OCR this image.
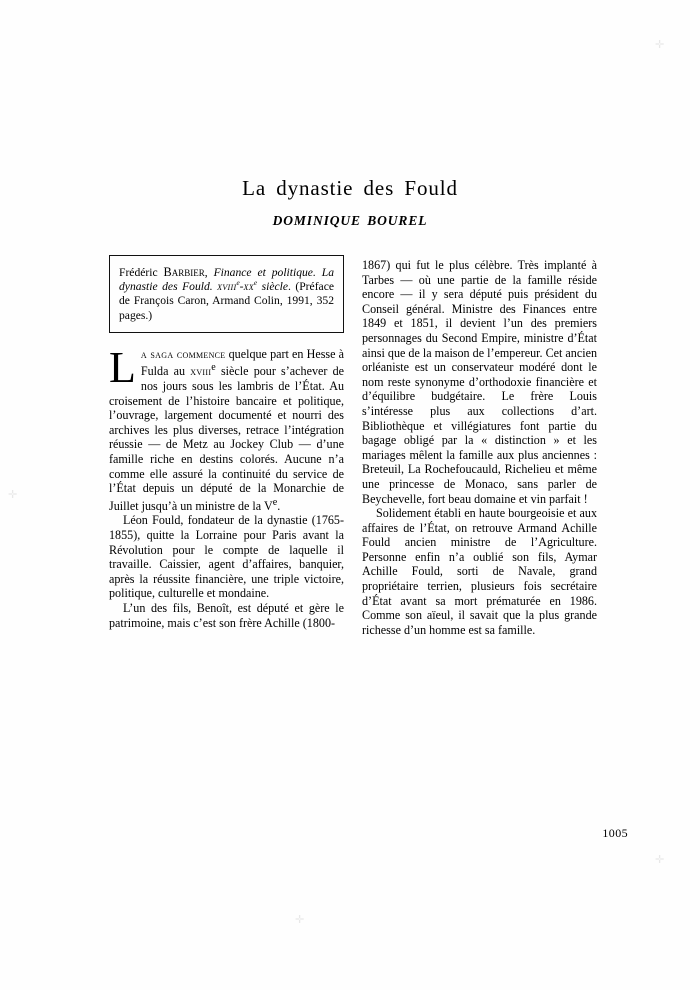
✛
✛
✛
✛
La dynastie des Fould
DOMINIQUE BOUREL
Frédéric Barbier, Finance et politique. La dynastie des Fould. $xviii^e-xx^e$ siècle. (Préface de François Caron, Armand Colin, 1991, 352 pages.)

La saga commence quelque part en Hesse à Fulda au xviii$^e$ siècle pour s’achever de nos jours sous les lambris de l’État. Au croisement de l’histoire bancaire et politique, l’ouvrage, largement documenté et nourri des archives les plus diverses, retrace l’intégration réussie — de Metz au Jockey Club — d’une famille riche en destins colorés. Aucune n’a comme elle assuré la continuité du service de l’État depuis un député de la Monarchie de Juillet jusqu’à un ministre de la Ve.

Léon Fould, fondateur de la dynastie (1765-1855), quitte la Lorraine pour Paris avant la Révolution pour le compte de laquelle il travaille. Caissier, agent d’affaires, banquier, après la réussite financière, une triple victoire, politique, culturelle et mondaine.

L’un des fils, Benoît, est député et gère le patrimoine, mais c’est son frère Achille (1800-

1867) qui fut le plus célèbre. Très implanté à Tarbes — où une partie de la famille réside encore — il y sera député puis président du Conseil général. Ministre des Finances entre 1849 et 1851, il devient l’un des premiers personnages du Second Empire, ministre d’État ainsi que de la maison de l’empereur. Cet ancien orléaniste est un conservateur modéré dont le nom reste synonyme d’orthodoxie financière et d’équilibre budgétaire. Le frère Louis s’intéresse plus aux collections d’art. Bibliothèque et villégiatures font partie du bagage obligé par la « distinction » et les mariages mêlent la famille aux plus anciennes : Breteuil, La Rochefoucauld, Richelieu et même une princesse de Monaco, sans parler de Beychevelle, fort beau domaine et vin parfait !

Solidement établi en haute bourgeoisie et aux affaires de l’État, on retrouve Armand Achille Fould ancien ministre de l’Agriculture. Personne enfin n’a oublié son fils, Aymar Achille Fould, sorti de Navale, grand propriétaire terrien, plusieurs fois secrétaire d’État avant sa mort prématurée en 1986. Comme son aïeul, il savait que la plus grande richesse d’un homme est sa famille.

1005
